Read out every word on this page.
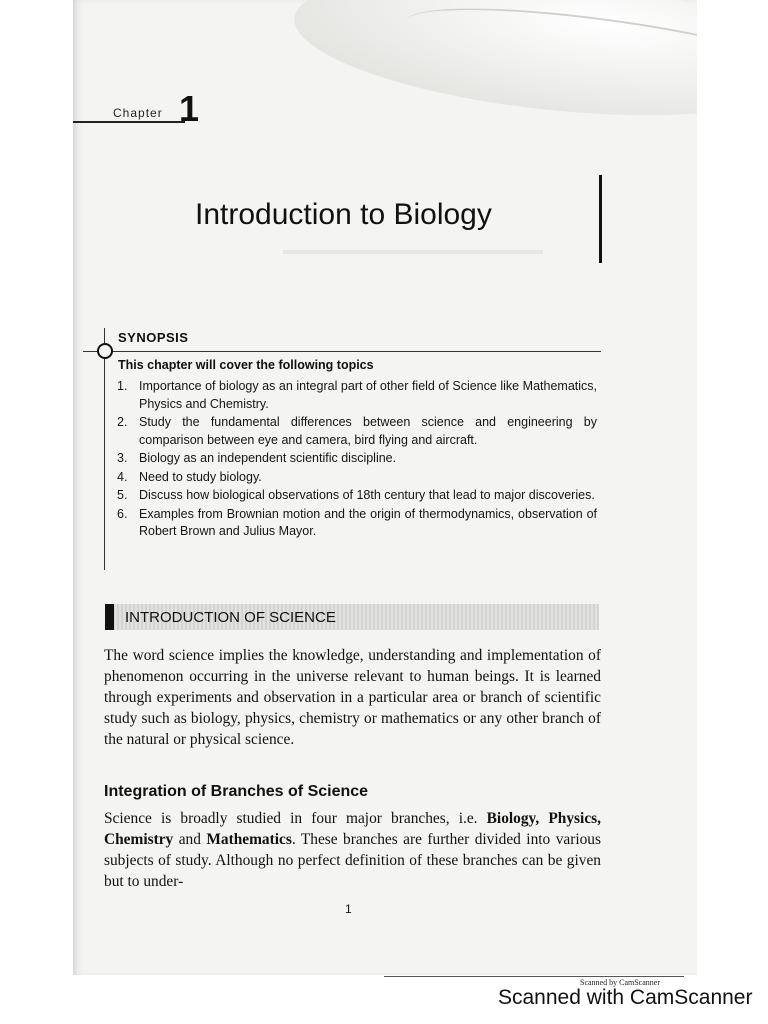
Chapter 1
Introduction to Biology
SYNOPSIS
This chapter will cover the following topics
1. Importance of biology as an integral part of other field of Science like Mathematics, Physics and Chemistry.
2. Study the fundamental differences between science and engineering by comparison between eye and camera, bird flying and aircraft.
3. Biology as an independent scientific discipline.
4. Need to study biology.
5. Discuss how biological observations of 18th century that lead to major discoveries.
6. Examples from Brownian motion and the origin of thermodynamics, observation of Robert Brown and Julius Mayor.
INTRODUCTION OF SCIENCE

The word science implies the knowledge, understanding and implementation of phenomenon occurring in the universe relevant to human beings. It is learned through experiments and observation in a particular area or branch of scientific study such as biology, physics, chemistry or mathematics or any other branch of the natural or physical science.

Integration of Branches of Science

Science is broadly studied in four major branches, i.e. Biology, Physics, Chemistry and Mathematics. These branches are further divided into various subjects of study. Although no perfect definition of these branches can be given but to under-

1
Scanned by CamScanner
Scanned with CamScanner
